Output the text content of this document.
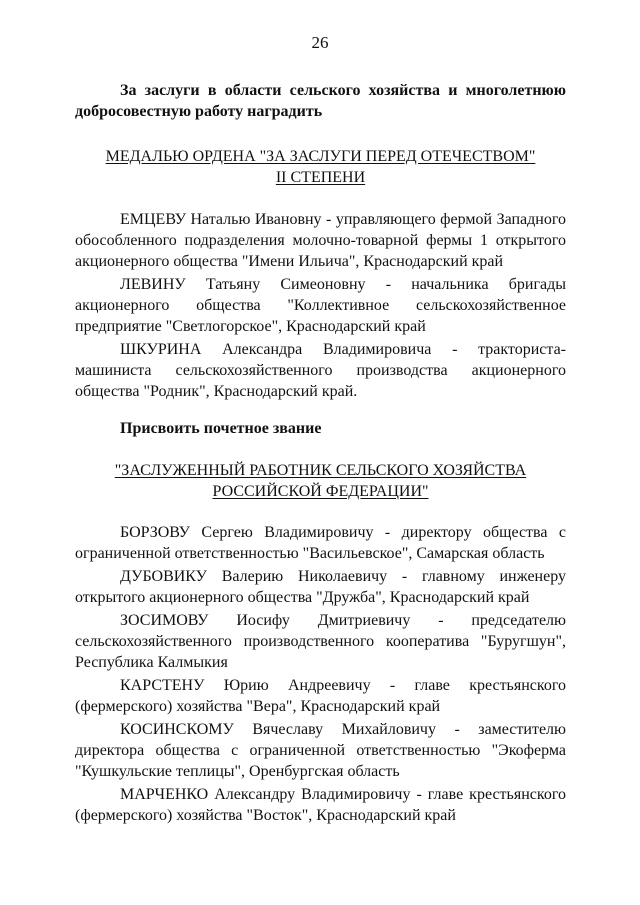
26

За заслуги в области сельского хозяйства и многолетнюю добросовестную работу наградить

МЕДАЛЬЮ ОРДЕНА "ЗА ЗАСЛУГИ ПЕРЕД ОТЕЧЕСТВОМ"
II СТЕПЕНИ

ЕМЦЕВУ Наталью Ивановну - управляющего фермой Западного обособленного подразделения молочно-товарной фермы 1 открытого акционерного общества "Имени Ильича", Краснодарский край

ЛЕВИНУ Татьяну Симеоновну - начальника бригады акционерного общества "Коллективное сельскохозяйственное предприятие "Светлогорское", Краснодарский край

ШКУРИНА Александра Владимировича - тракториста-машиниста сельскохозяйственного производства акционерного общества "Родник", Краснодарский край.

Присвоить почетное звание

"ЗАСЛУЖЕННЫЙ РАБОТНИК СЕЛЬСКОГО ХОЗЯЙСТВА
РОССИЙСКОЙ ФЕДЕРАЦИИ"

БОРЗОВУ Сергею Владимировичу - директору общества с ограниченной ответственностью "Васильевское", Самарская область

ДУБОВИКУ Валерию Николаевичу - главному инженеру открытого акционерного общества "Дружба", Краснодарский край

ЗОСИМОВУ Иосифу Дмитриевичу - председателю сельскохозяйственного производственного кооператива "Буругшун", Республика Калмыкия

КАРСТЕНУ Юрию Андреевичу - главе крестьянского (фермерского) хозяйства "Вера", Краснодарский край

КОСИНСКОМУ Вячеславу Михайловичу - заместителю директора общества с ограниченной ответственностью "Экоферма "Кушкульские теплицы", Оренбургская область

МАРЧЕНКО Александру Владимировичу - главе крестьянского (фермерского) хозяйства "Восток", Краснодарский край
